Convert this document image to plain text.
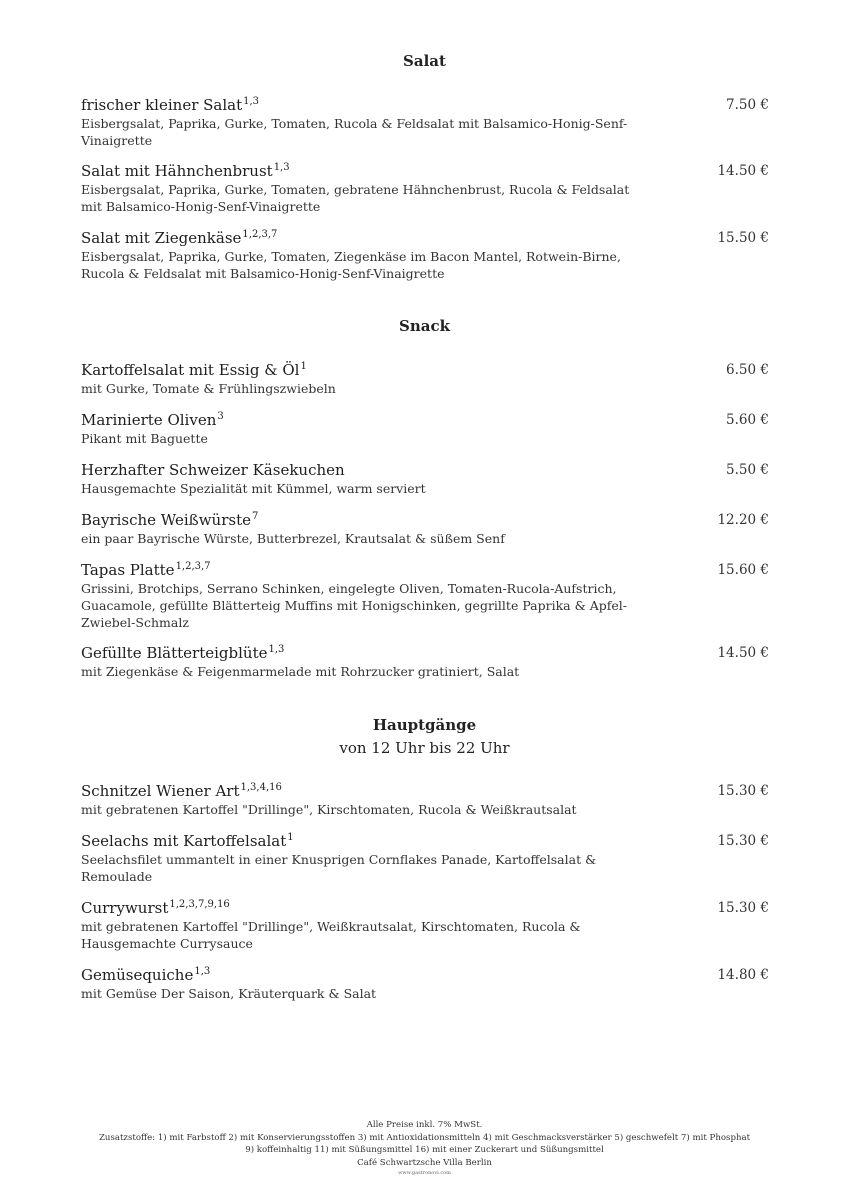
Salat
frischer kleiner Salat$^{1,3}$
Eisbergsalat, Paprika, Gurke, Tomaten, Rucola & Feldsalat mit Balsamico-Honig-Senf-Vinaigrette
7.50 €
Salat mit Hähnchenbrust$^{1,3}$
Eisbergsalat, Paprika, Gurke, Tomaten, gebratene Hähnchenbrust, Rucola & Feldsalat mit Balsamico-Honig-Senf-Vinaigrette
14.50 €
Salat mit Ziegenkäse$^{1,2,3,7}$
Eisbergsalat, Paprika, Gurke, Tomaten, Ziegenkäse im Bacon Mantel, Rotwein-Birne, Rucola & Feldsalat mit Balsamico-Honig-Senf-Vinaigrette
15.50 €
Snack
Kartoffelsalat mit Essig & $Öl^1$
mit Gurke, Tomate & Frühlingszwiebeln
6.50 €
Marinierte Oliven$^3$
Pikant mit Baguette
5.60 €
Herzhafter Schweizer Käsekuchen
Hausgemachte Spezialität mit Kümmel, warm serviert
5.50 €
Bayrische Weißwürste$^7$
ein paar Bayrische Würste, Butterbrezel, Krautsalat & süßem Senf
12.20 €
Tapas Platte$^{1,2,3,7}$
Grissini, Brotchips, Serrano Schinken, eingelegte Oliven, Tomaten-Rucola-Aufstrich, Guacamole, gefüllte Blätterteig Muffins mit Honigschinken, gegrillte Paprika & Apfel-Zwiebel-Schmalz
15.60 €
Gefüllte Blätterteigblüte$^{1,3}$
mit Ziegenkäse & Feigenmarmelade mit Rohrzucker gratiniert, Salat
14.50 €
Hauptgänge
von 12 Uhr bis 22 Uhr
Schnitzel Wiener Art$^{1,3,4,16}$
mit gebratenen Kartoffel "Drillinge", Kirschtomaten, Rucola & Weißkrautsalat
15.30 €
Seelachs mit Kartoffelsalat$^1$
Seelachsfilet ummantelt in einer Knusprigen Cornflakes Panade, Kartoffelsalat & Remoulade
15.30 €
Currywurst$^{1,2,3,7,9,16}$
mit gebratenen Kartoffel "Drillinge", Weißkrautsalat, Kirschtomaten, Rucola & Hausgemachte Currysauce
15.30 €
Gemüsequiche$^{1,3}$
mit Gemüse Der Saison, Kräuterquark & Salat
14.80 €
Alle Preise inkl. 7% MwSt.
Zusatzstoffe: 1) mit Farbstoff 2) mit Konservierungsstoffen 3) mit Antioxidationsmitteln 4) mit Geschmacksverstärker 5) geschwefelt 7) mit Phosphat
9) koffeinhaltig 11) mit Süßungsmittel 16) mit einer Zuckerart und Süßungsmittel
Café Schwartzsche Villa Berlin
www.gastronovi.com
